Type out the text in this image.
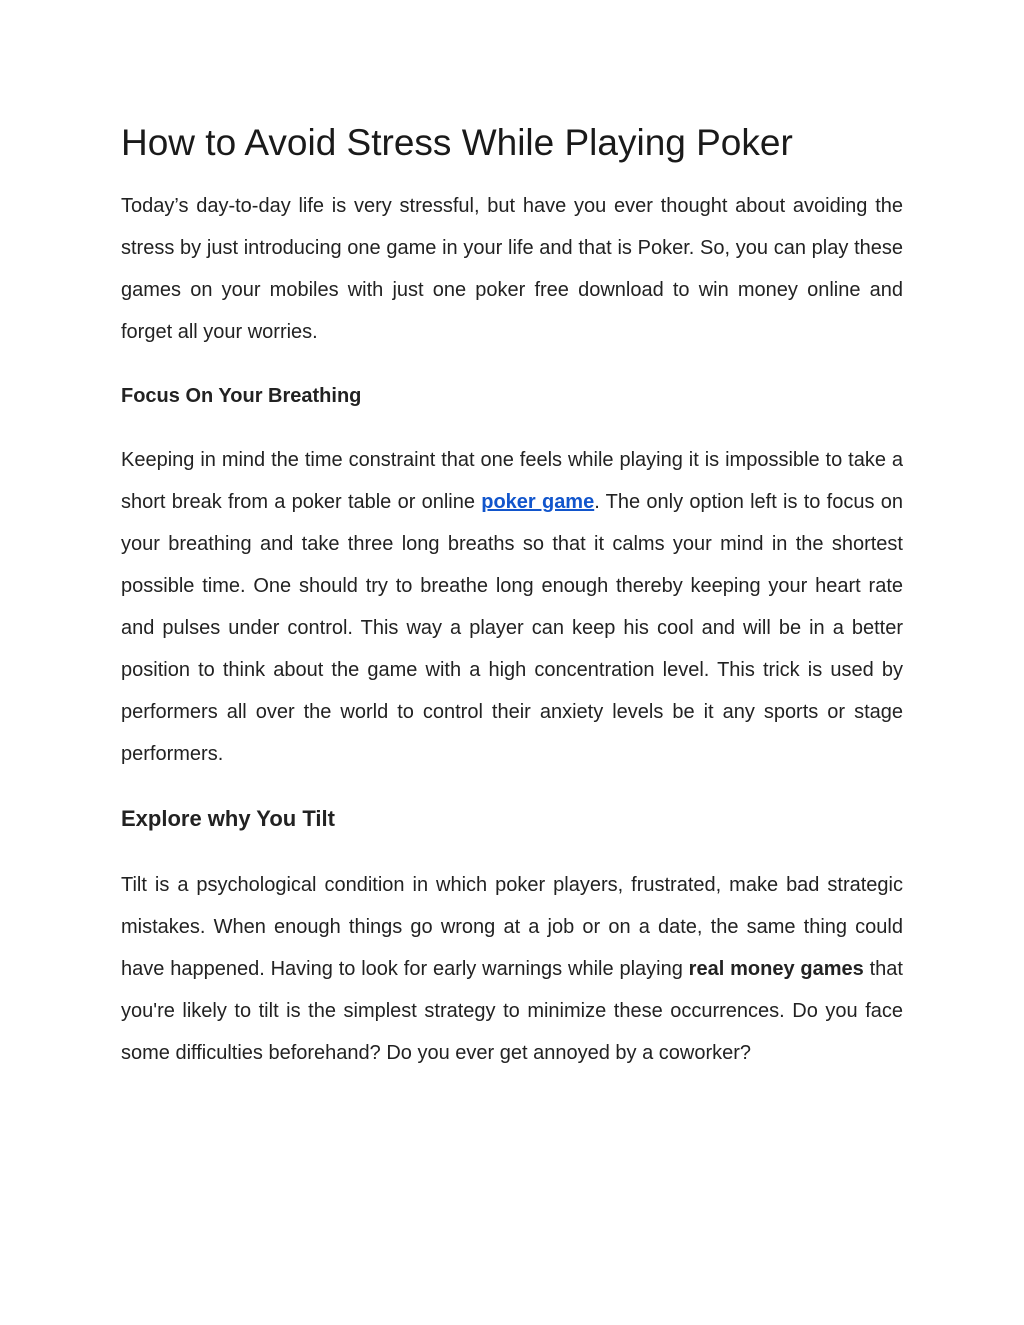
How to Avoid Stress While Playing Poker

Today’s day-to-day life is very stressful, but have you ever thought about avoiding the stress by just introducing one game in your life and that is Poker. So, you can play these games on your mobiles with just one poker free download to win money online and forget all your worries.

Focus On Your Breathing

Keeping in mind the time constraint that one feels while playing it is impossible to take a short break from a poker table or online poker game. The only option left is to focus on your breathing and take three long breaths so that it calms your mind in the shortest possible time. One should try to breathe long enough thereby keeping your heart rate and pulses under control. This way a player can keep his cool and will be in a better position to think about the game with a high concentration level. This trick is used by performers all over the world to control their anxiety levels be it any sports or stage performers.

Explore why You Tilt

Tilt is a psychological condition in which poker players, frustrated, make bad strategic mistakes. When enough things go wrong at a job or on a date, the same thing could have happened. Having to look for early warnings while playing real money games that you're likely to tilt is the simplest strategy to minimize these occurrences. Do you face some difficulties beforehand? Do you ever get annoyed by a coworker?
